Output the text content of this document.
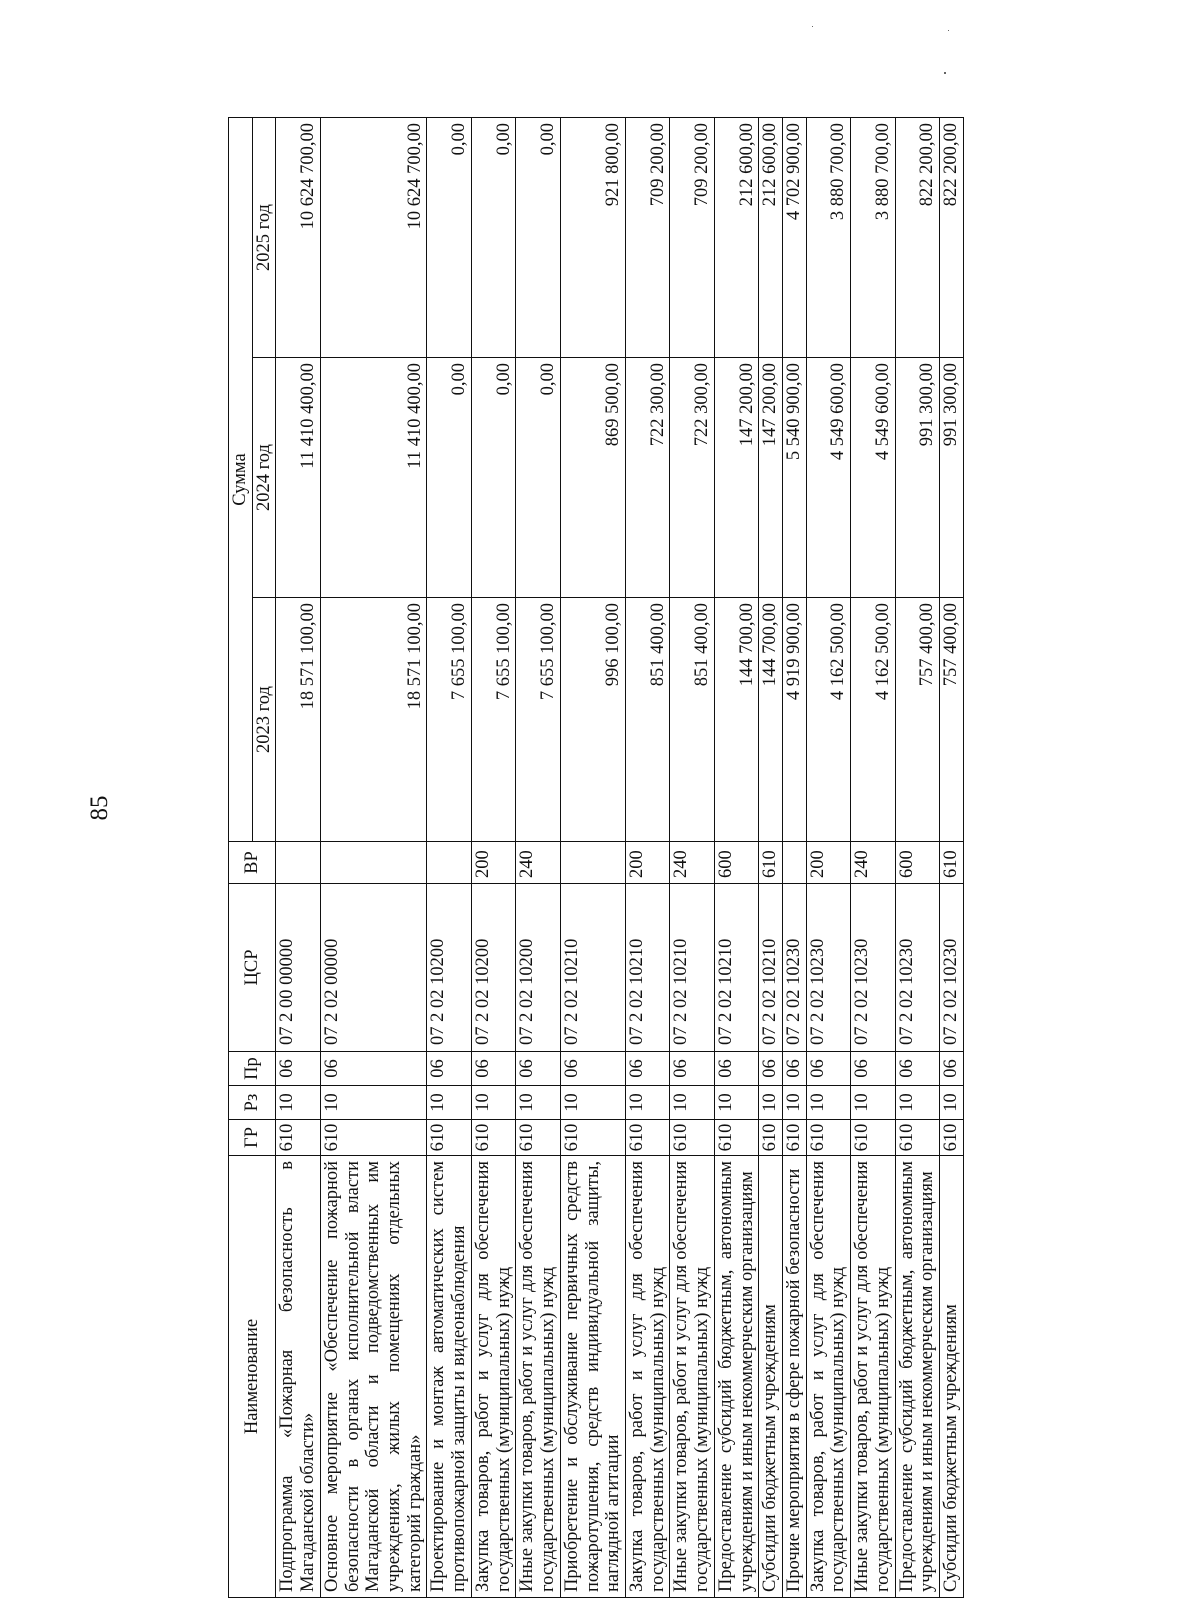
85
Наименование	ГР	Рз	Пр	ЦСР	ВР	Сумма		
						2023 год	2024 год	2025 год
Подпрограмма «Пожарная безопасность в Магаданской области»	610	10	06	07 2 00 00000		18 571 100,00	11 410 400,00	10 624 700,00
Основное мероприятие «Обеспечение пожарной безопасности в органах исполнительной власти Магаданской области и подведомственных им учреждениях, жилых помещениях отдельных категорий граждан»	610	10	06	07 2 02 00000		18 571 100,00	11 410 400,00	10 624 700,00
Проектирование и монтаж автоматических систем противопожарной защиты и видеонаблюдения	610	10	06	07 2 02 10200		7 655 100,00	0,00	0,00
Закупка товаров, работ и услуг для обеспечения государственных (муниципальных) нужд	610	10	06	07 2 02 10200	200	7 655 100,00	0,00	0,00
Иные закупки товаров, работ и услуг для обеспечения государственных (муниципальных) нужд	610	10	06	07 2 02 10200	240	7 655 100,00	0,00	0,00
Приобретение и обслуживание первичных средств пожаротушения, средств индивидуальной защиты, наглядной агитации	610	10	06	07 2 02 10210		996 100,00	869 500,00	921 800,00
Закупка товаров, работ и услуг для обеспечения государственных (муниципальных) нужд	610	10	06	07 2 02 10210	200	851 400,00	722 300,00	709 200,00
Иные закупки товаров, работ и услуг для обеспечения государственных (муниципальных) нужд	610	10	06	07 2 02 10210	240	851 400,00	722 300,00	709 200,00
Предоставление субсидий бюджетным, автономным учреждениям и иным некоммерческим организациям	610	10	06	07 2 02 10210	600	144 700,00	147 200,00	212 600,00
Субсидии бюджетным учреждениям	610	10	06	07 2 02 10210	610	144 700,00	147 200,00	212 600,00
Прочие мероприятия в сфере пожарной безопасности	610	10	06	07 2 02 10230		4 919 900,00	5 540 900,00	4 702 900,00
Закупка товаров, работ и услуг для обеспечения государственных (муниципальных) нужд	610	10	06	07 2 02 10230	200	4 162 500,00	4 549 600,00	3 880 700,00
Иные закупки товаров, работ и услуг для обеспечения государственных (муниципальных) нужд	610	10	06	07 2 02 10230	240	4 162 500,00	4 549 600,00	3 880 700,00
Предоставление субсидий бюджетным, автономным учреждениям и иным некоммерческим организациям	610	10	06	07 2 02 10230	600	757 400,00	991 300,00	822 200,00
Субсидии бюджетным учреждениям	610	10	06	07 2 02 10230	610	757 400,00	991 300,00	822 200,00
